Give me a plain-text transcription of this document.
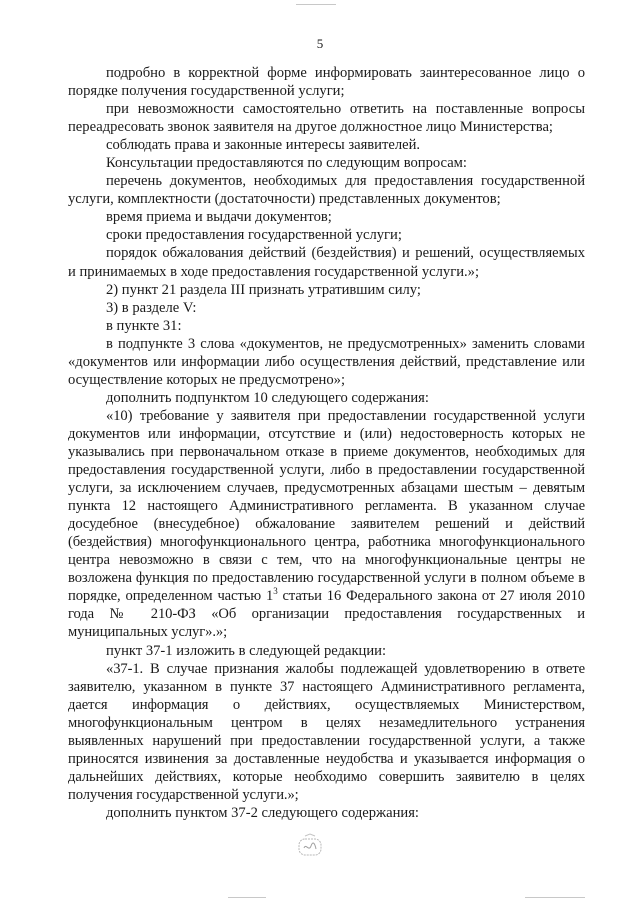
5

подробно в корректной форме информировать заинтересованное лицо о порядке получения государственной услуги;

при невозможности самостоятельно ответить на поставленные вопросы переадресовать звонок заявителя на другое должностное лицо Министерства;

соблюдать права и законные интересы заявителей.

Консультации предоставляются по следующим вопросам:

перечень документов, необходимых для предоставления государственной услуги, комплектности (достаточности) представленных документов;

время приема и выдачи документов;

сроки предоставления государственной услуги;

порядок обжалования действий (бездействия) и решений, осуществляемых и принимаемых в ходе предоставления государственной услуги.»;

2) пункт 21 раздела III признать утратившим силу;

3) в разделе V:

в пункте 31:

в подпункте 3 слова «документов, не предусмотренных» заменить словами «документов или информации либо осуществления действий, представление или осуществление которых не предусмотрено»;

дополнить подпунктом 10 следующего содержания:

«10) требование у заявителя при предоставлении государственной услуги документов или информации, отсутствие и (или) недостоверность которых не указывались при первоначальном отказе в приеме документов, необходимых для предоставления государственной услуги, либо в предоставлении государственной услуги, за исключением случаев, предусмотренных абзацами шестым – девятым пункта 12 настоящего Административного регламента. В указанном случае досудебное (внесудебное) обжалование заявителем решений и действий (бездействия) многофункционального центра, работника многофункционального центра невозможно в связи с тем, что на многофункциональные центры не возложена функция по предоставлению государственной услуги в полном объеме в порядке, определенном частью $1^3$ статьи 16 Федерального закона от 27 июля 2010 года № 210-ФЗ «Об организации предоставления государственных и муниципальных услуг».»;

пункт 37-1 изложить в следующей редакции:

«37-1. В случае признания жалобы подлежащей удовлетворению в ответе заявителю, указанном в пункте 37 настоящего Административного регламента, дается информация о действиях, осуществляемых Министерством, многофункциональным центром в целях незамедлительного устранения выявленных нарушений при предоставлении государственной услуги, а также приносятся извинения за доставленные неудобства и указывается информация о дальнейших действиях, которые необходимо совершить заявителю в целях получения государственной услуги.»;

дополнить пунктом 37-2 следующего содержания:
